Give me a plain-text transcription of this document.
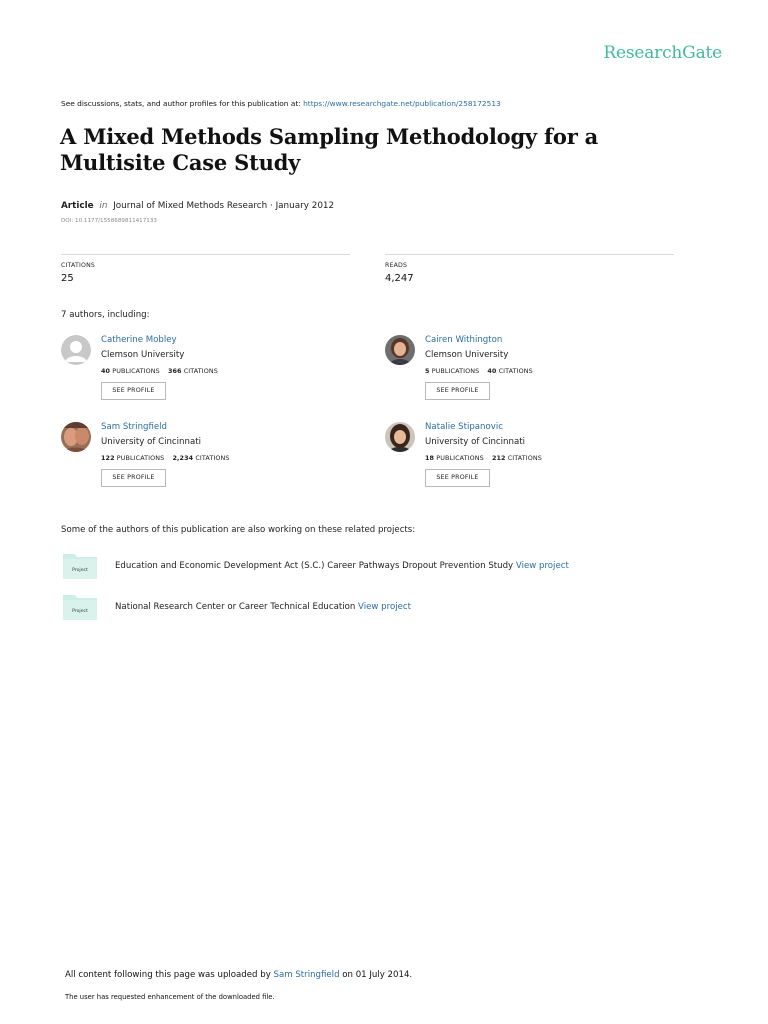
ResearchGate
See discussions, stats, and author profiles for this publication at: https://www.researchgate.net/publication/258172513
A Mixed Methods Sampling Methodology for a Multisite Case Study
Article in Journal of Mixed Methods Research · January 2012
DOI: 10.1177/1558689811417133
CITATIONS
25
READS
4,247
7 authors, including:
Catherine Mobley
Clemson University
40 PUBLICATIONS 366 CITATIONS
SEE PROFILE
Cairen Withington
Clemson University
5 PUBLICATIONS 40 CITATIONS
SEE PROFILE
Sam Stringfield
University of Cincinnati
122 PUBLICATIONS 2,234 CITATIONS
SEE PROFILE
Natalie Stipanovic
University of Cincinnati
18 PUBLICATIONS 212 CITATIONS
SEE PROFILE
Some of the authors of this publication are also working on these related projects:
Project	Education and Economic Development Act (S.C.) Career Pathways Dropout Prevention Study View project
Project	National Research Center or Career Technical Education View project
All content following this page was uploaded by Sam Stringfield on 01 July 2014.
The user has requested enhancement of the downloaded file.
